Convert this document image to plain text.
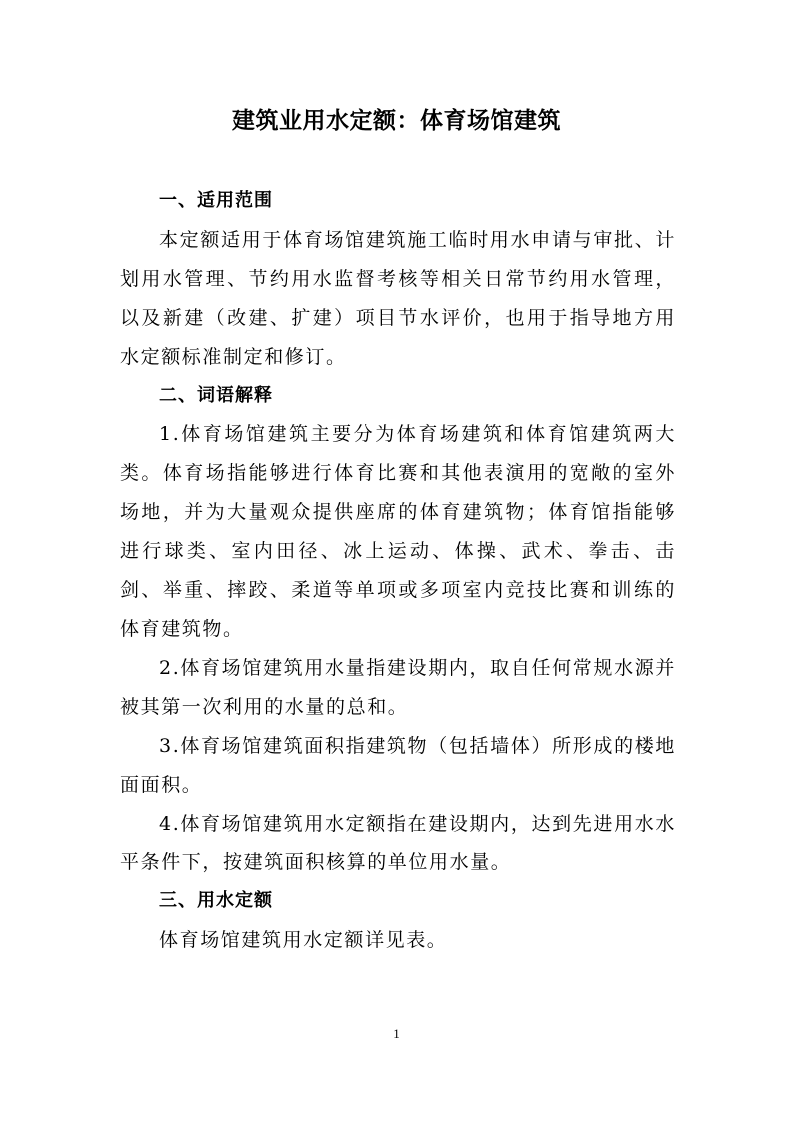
建筑业用水定额：体育场馆建筑

一、适用范围

本定额适用于体育场馆建筑施工临时用水申请与审批、计划用水管理、节约用水监督考核等相关日常节约用水管理，以及新建（改建、扩建）项目节水评价，也用于指导地方用水定额标准制定和修订。

二、词语解释

1.体育场馆建筑主要分为体育场建筑和体育馆建筑两大类。体育场指能够进行体育比赛和其他表演用的宽敞的室外场地，并为大量观众提供座席的体育建筑物；体育馆指能够进行球类、室内田径、冰上运动、体操、武术、拳击、击剑、举重、摔跤、柔道等单项或多项室内竞技比赛和训练的体育建筑物。

2.体育场馆建筑用水量指建设期内，取自任何常规水源并被其第一次利用的水量的总和。

3.体育场馆建筑面积指建筑物（包括墙体）所形成的楼地面面积。

4.体育场馆建筑用水定额指在建设期内，达到先进用水水平条件下，按建筑面积核算的单位用水量。

三、用水定额

体育场馆建筑用水定额详见表。

1
